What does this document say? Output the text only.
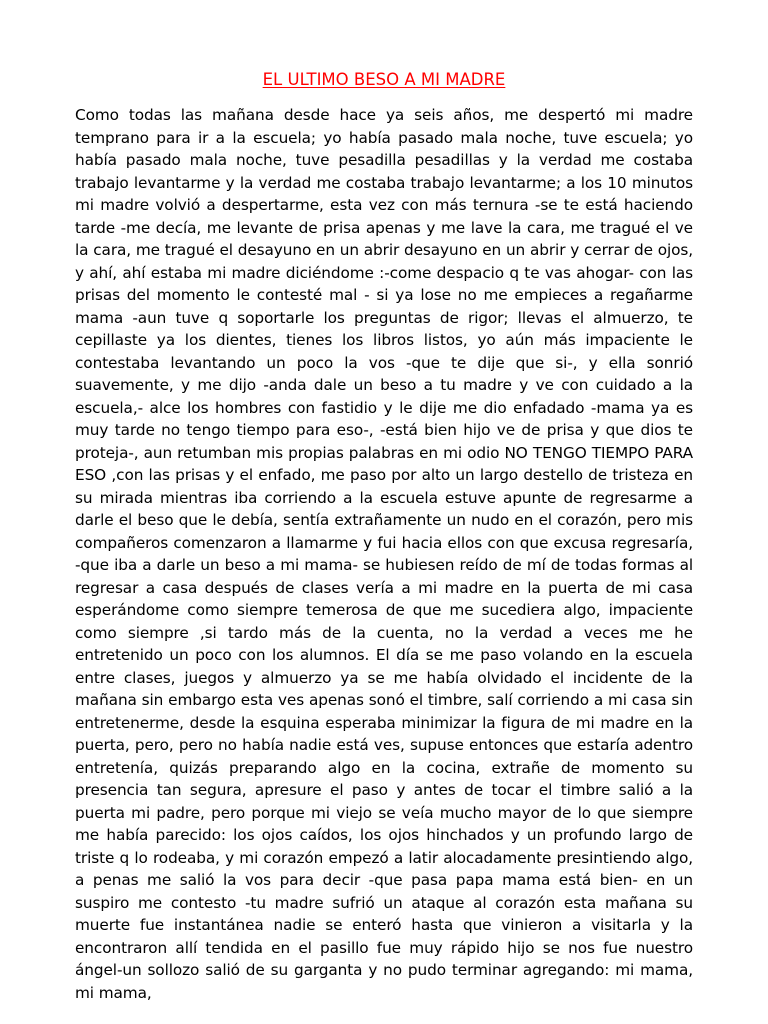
EL ULTIMO BESO A MI MADRE

Como todas las mañana desde hace ya seis años, me despertó mi madre temprano para ir a la escuela; yo había pasado mala noche, tuve escuela; yo había pasado mala noche, tuve pesadilla pesadillas y la verdad me costaba trabajo levantarme y la verdad me costaba trabajo levantarme; a los 10 minutos mi madre volvió a despertarme, esta vez con más ternura -se te está haciendo tarde -me decía, me levante de prisa apenas y me lave la cara, me tragué el ve la cara, me tragué el desayuno en un abrir desayuno en un abrir y cerrar de ojos, y ahí, ahí estaba mi madre diciéndome :-come despacio q te vas ahogar- con las prisas del momento le contesté mal - si ya lose no me empieces a regañarme mama -aun tuve q soportarle los preguntas de rigor; llevas el almuerzo, te cepillaste ya los dientes, tienes los libros listos, yo aún más impaciente le contestaba levantando un poco la vos -que te dije que si-, y ella sonrió suavemente, y me dijo -anda dale un beso a tu madre y ve con cuidado a la escuela,- alce los hombres con fastidio y le dije me dio enfadado -mama ya es muy tarde no tengo tiempo para eso-, -está bien hijo ve de prisa y que dios te proteja-, aun retumban mis propias palabras en mi odio NO TENGO TIEMPO PARA ESO ,con las prisas y el enfado, me paso por alto un largo destello de tristeza en su mirada mientras iba corriendo a la escuela estuve apunte de regresarme a darle el beso que le debía, sentía extrañamente un nudo en el corazón, pero mis compañeros comenzaron a llamarme y fui hacia ellos con que excusa regresaría, -que iba a darle un beso a mi mama- se hubiesen reído de mí de todas formas al regresar a casa después de clases vería a mi madre en la puerta de mi casa esperándome como siempre temerosa de que me sucediera algo, impaciente como siempre ,si tardo más de la cuenta, no la verdad a veces me he entretenido un poco con los alumnos. El día se me paso volando en la escuela entre clases, juegos y almuerzo ya se me había olvidado el incidente de la mañana sin embargo esta ves apenas sonó el timbre, salí corriendo a mi casa sin entretenerme, desde la esquina esperaba minimizar la figura de mi madre en la puerta, pero, pero no había nadie está ves, supuse entonces que estaría adentro entretenía, quizás preparando algo en la cocina, extrañe de momento su presencia tan segura, apresure el paso y antes de tocar el timbre salió a la puerta mi padre, pero porque mi viejo se veía mucho mayor de lo que siempre me había parecido: los ojos caídos, los ojos hinchados y un profundo largo de triste q lo rodeaba, y mi corazón empezó a latir alocadamente presintiendo algo, a penas me salió la vos para decir -que pasa papa mama está bien- en un suspiro me contesto -tu madre sufrió un ataque al corazón esta mañana su muerte fue instantánea nadie se enteró hasta que vinieron a visitarla y la encontraron allí tendida en el pasillo fue muy rápido hijo se nos fue nuestro ángel-un sollozo salió de su garganta y no pudo terminar agregando: mi mama, mi mama,
